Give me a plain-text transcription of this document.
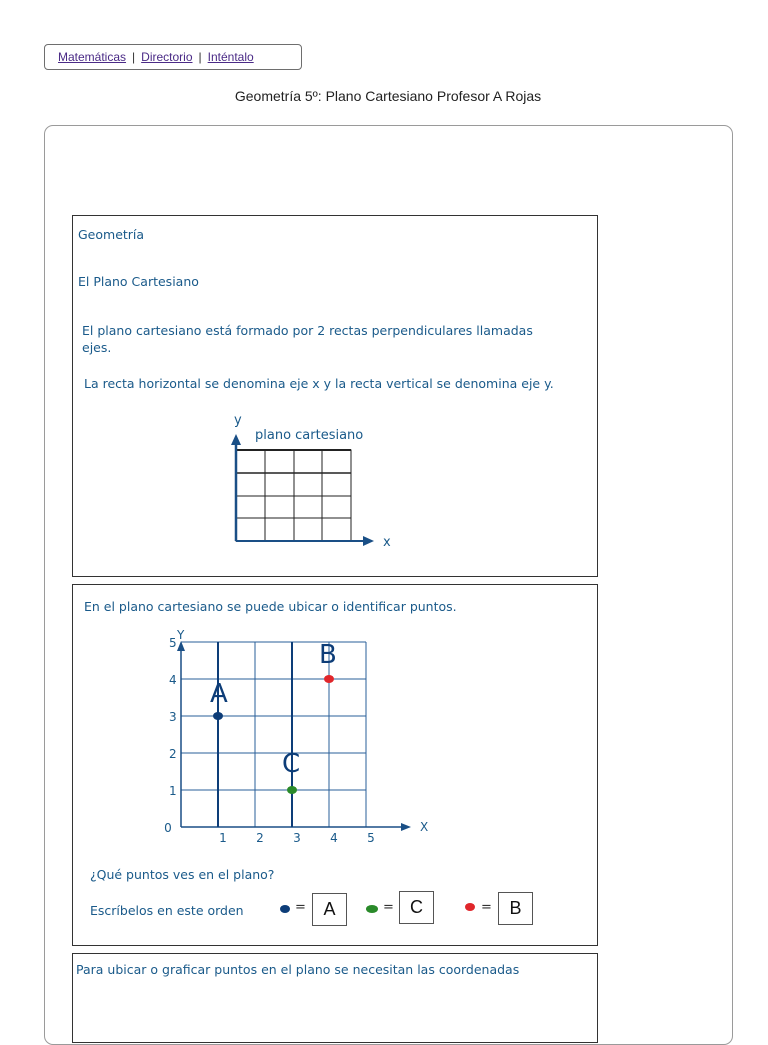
Matemáticas | Directorio | Inténtalo
Geometría 5º: Plano Cartesiano Profesor A Rojas
Geometría
El Plano Cartesiano
El plano cartesiano está formado por 2 rectas perpendiculares llamadas ejes.
La recta horizontal se denomina eje x y la recta vertical se denomina eje y.
y
plano cartesiano
x
En el plano cartesiano se puede ubicar o identificar puntos.
Y
X
0
1 2 3 4 5
1
2
3
4
5
A
B
C
¿Qué puntos ves en el plano?
Escríbelos en este orden	= A	= C	= B
Para ubicar o graficar puntos en el plano se necesitan las coordenadas
